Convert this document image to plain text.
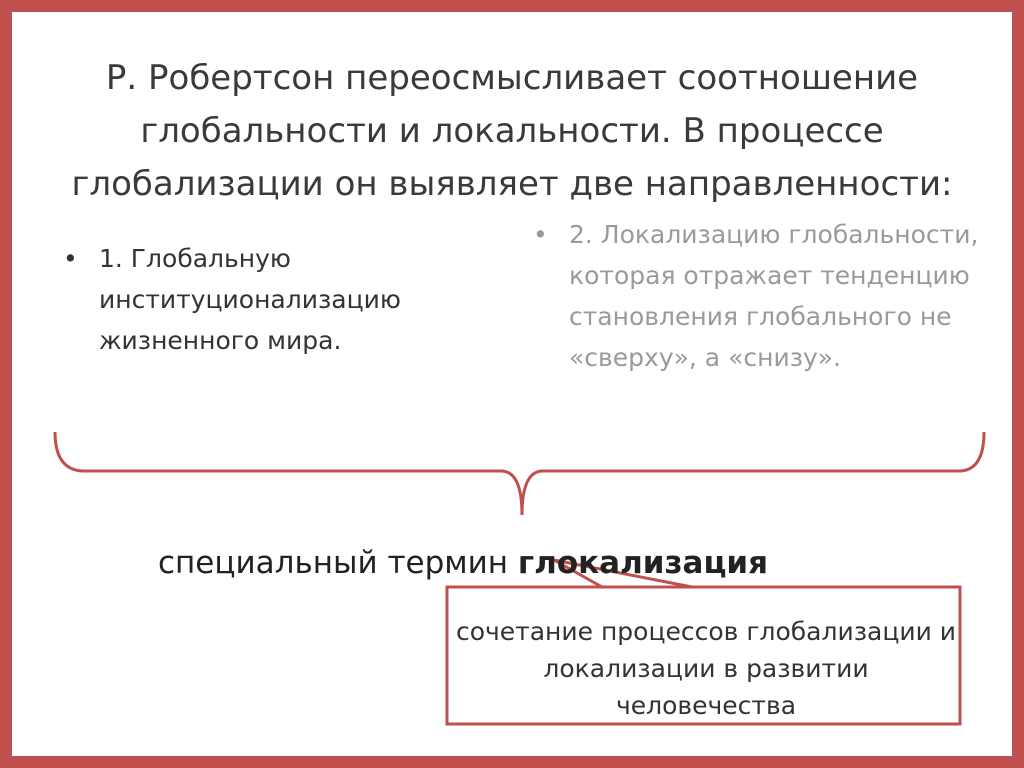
Р. Робертсон переосмысливает соотношение глобальности и локальности. В процессе глобализации он выявляет две направленности:
• 1. Глобальную институционализацию жизненного мира.
• 2. Локализацию глобальности, которая отражает тенденцию становления глобального не «сверху», а «снизу».
специальный термин глокализация
сочетание процессов глобализации и локализации в развитии человечества
